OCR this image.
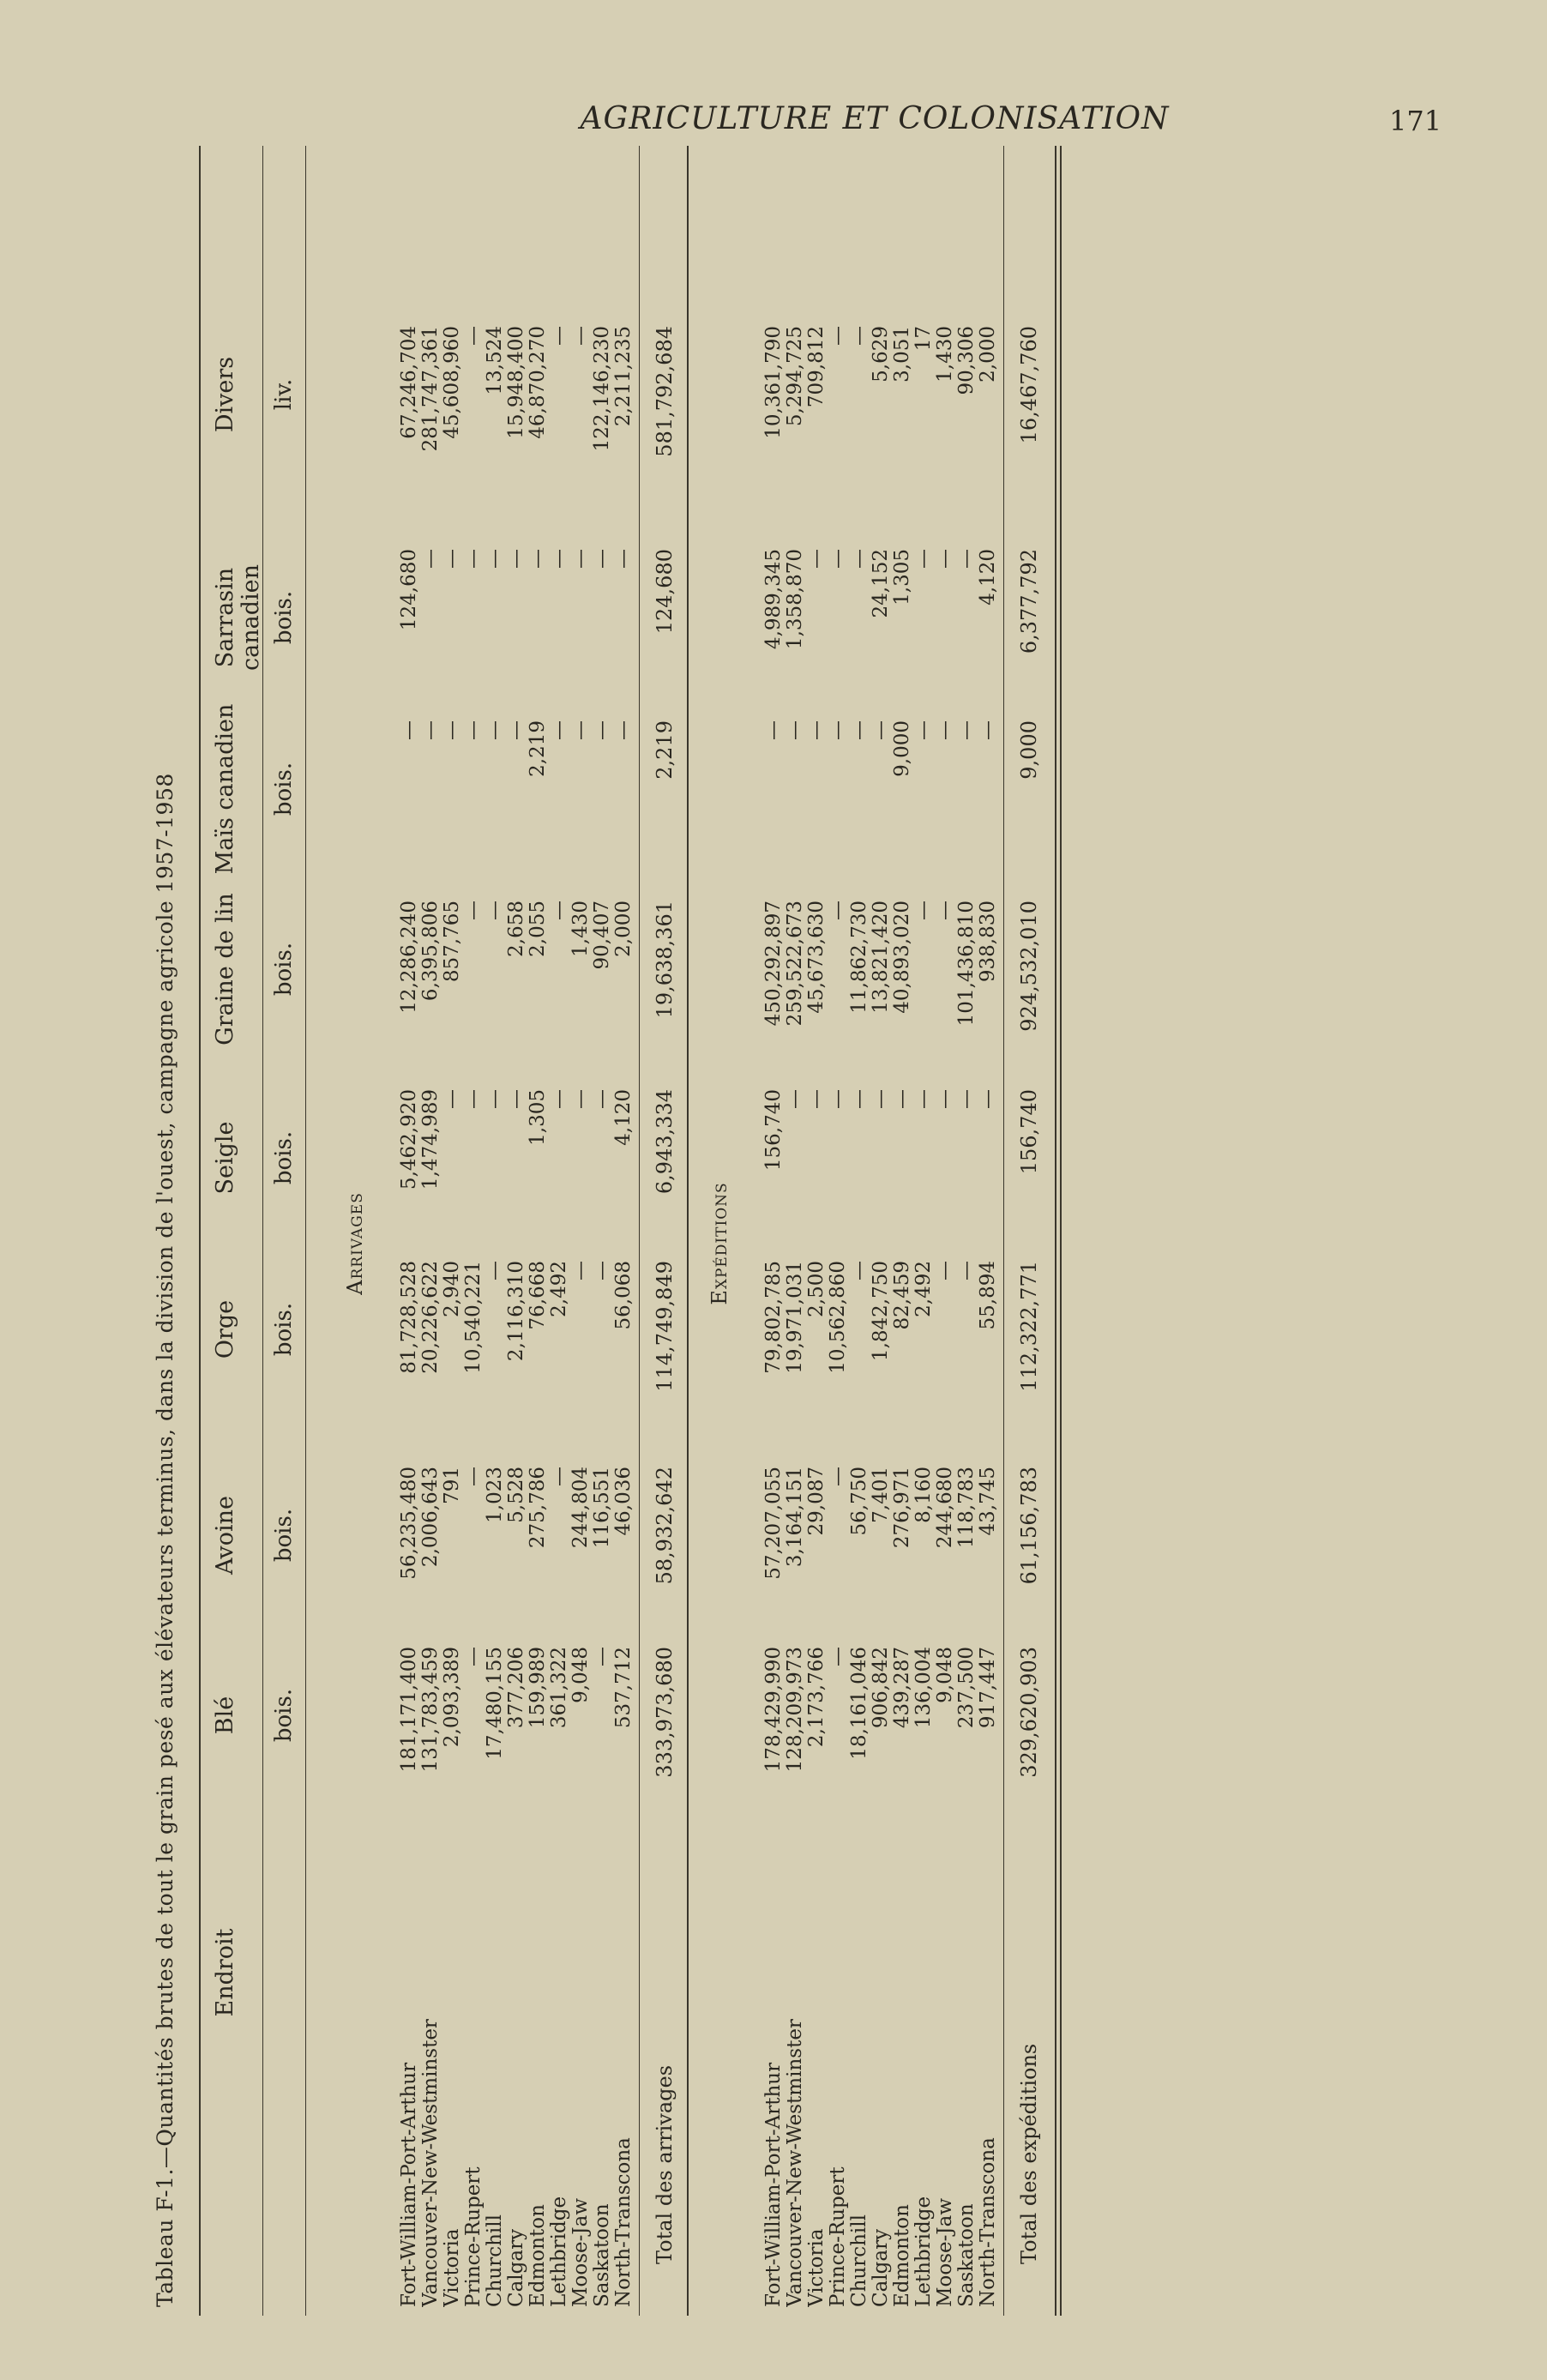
AGRICULTURE ET COLONISATION	171
Tableau F-1.—Quantités brutes de tout le grain pesé aux élévateurs terminus, dans la division de l'ouest, campagne agricole 1957-1958 Endroit
Blé bois.
Avoine bois.
Orge bois.
Seigle bois.
Graine de lin bois.
Maïs canadien bois.
Sarrasin canadien bois.
Divers liv.
Arrivages
Fort-William-Port-Arthur
181,171,400
56,235,480
81,728,528
5,462,920
12,286,240
—
124,680
67,246,704
Vancouver-New-Westminster
131,783,459
2,006,643
20,226,622
1,474,989
6,395,806
—
—
281,747,361
Victoria
2,093,389
791
2,940
—
857,765
—
—
45,608,960
Prince-Rupert
—
—
10,540,221
—
—
—
—
—
Churchill
17,480,155
1,023
—
—
—
—
—
13,524
Calgary
377,206
5,528
2,116,310
—
2,658
—
—
15,948,400
Edmonton
159,989
275,786
76,668
1,305
2,055
2,219
—
46,870,270
Lethbridge
361,322
—
2,492
—
—
—
—
—
Moose-Jaw
9,048
244,804
—
—
1,430
—
—
—
Saskatoon
—
116,551
—
—
90,407
—
—
122,146,230
North-Transcona
537,712
46,036
56,068
4,120
2,000
—
—
2,211,235
Total des arrivages
333,973,680
58,932,642
114,749,849
6,943,334
19,638,361
2,219
124,680
581,792,684
Expéditions
Fort-William-Port-Arthur
178,429,990
57,207,055
79,802,785
156,740
450,292,897
—
4,989,345
10,361,790
Vancouver-New-Westminster
128,209,973
3,164,151
19,971,031
—
259,522,673
—
1,358,870
5,294,725
Victoria
2,173,766
29,087
2,500
—
45,673,630
—
—
709,812
Prince-Rupert
—
—
10,562,860
—
—
—
—
—
Churchill
18,161,046
56,750
—
—
11,862,730
—
—
—
Calgary
906,842
7,401
1,842,750
—
13,821,420
—
24,152
5,629
Edmonton
439,287
276,971
82,459
—
40,893,020
9,000
1,305
3,051
Lethbridge
136,004
8,160
2,492
—
—
—
—
17
Moose-Jaw
9,048
244,680
—
—
—
—
—
1,430
Saskatoon
237,500
118,783
—
—
101,436,810
—
—
90,306
North-Transcona
917,447
43,745
55,894
—
938,830
—
4,120
2,000
Total des expéditions
329,620,903
61,156,783
112,322,771
156,740
924,532,010
9,000
6,377,792
16,467,760
